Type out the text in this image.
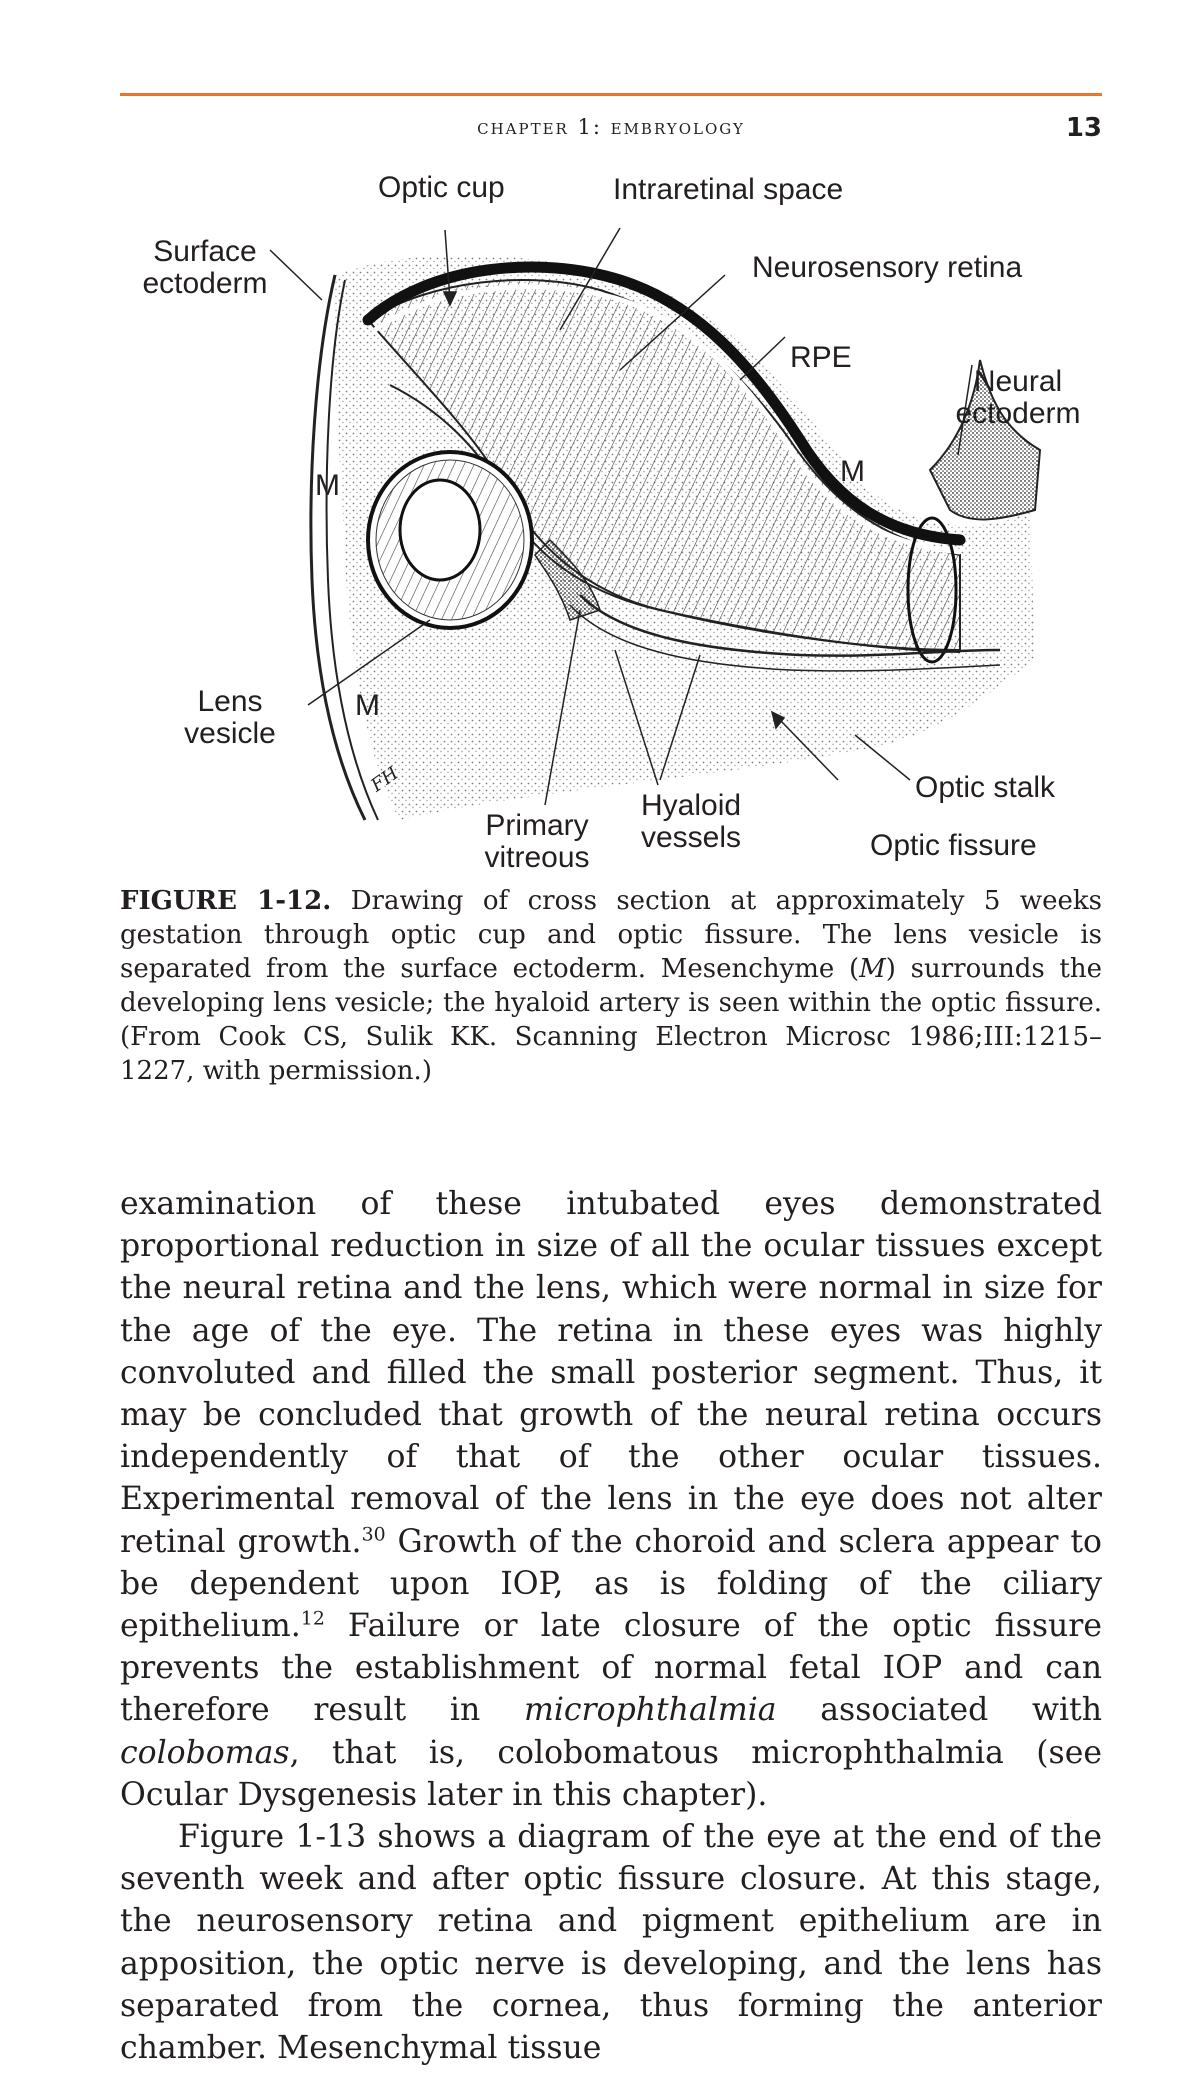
chapter 1: embryology	13
FH
Optic cup	Intraretinal space
Surface
ectoderm	Neurosensory retina
RPE
Neural
ectoderm
M	M
M
Lens
vesicle
Optic stalk
Primary
vitreous
Hyaloid
vessels	Optic fissure
FIGURE 1-12. Drawing of cross section at approximately 5 weeks gestation through optic cup and optic fissure. The lens vesicle is separated from the surface ectoderm. Mesenchyme (M) surrounds the developing lens vesicle; the hyaloid artery is seen within the optic fissure. (From Cook CS, Sulik KK. Scanning Electron Microsc 1986;III:1215–1227, with permission.)

examination of these intubated eyes demonstrated proportional reduction in size of all the ocular tissues except the neural retina and the lens, which were normal in size for the age of the eye. The retina in these eyes was highly convoluted and filled the small posterior segment. Thus, it may be concluded that growth of the neural retina occurs independently of that of the other ocular tissues. Experimental removal of the lens in the eye does not alter retinal growth.$^{30}$ Growth of the choroid and sclera appear to be dependent upon IOP, as is folding of the ciliary epithelium.$^{12}$ Failure or late closure of the optic fissure prevents the establishment of normal fetal IOP and can therefore result in microphthalmia associated with colobomas, that is, colobomatous microphthalmia (see Ocular Dysgenesis later in this chapter).

Figure 1-13 shows a diagram of the eye at the end of the seventh week and after optic fissure closure. At this stage, the neurosensory retina and pigment epithelium are in apposition, the optic nerve is developing, and the lens has separated from the cornea, thus forming the anterior chamber. Mesenchymal tissue
